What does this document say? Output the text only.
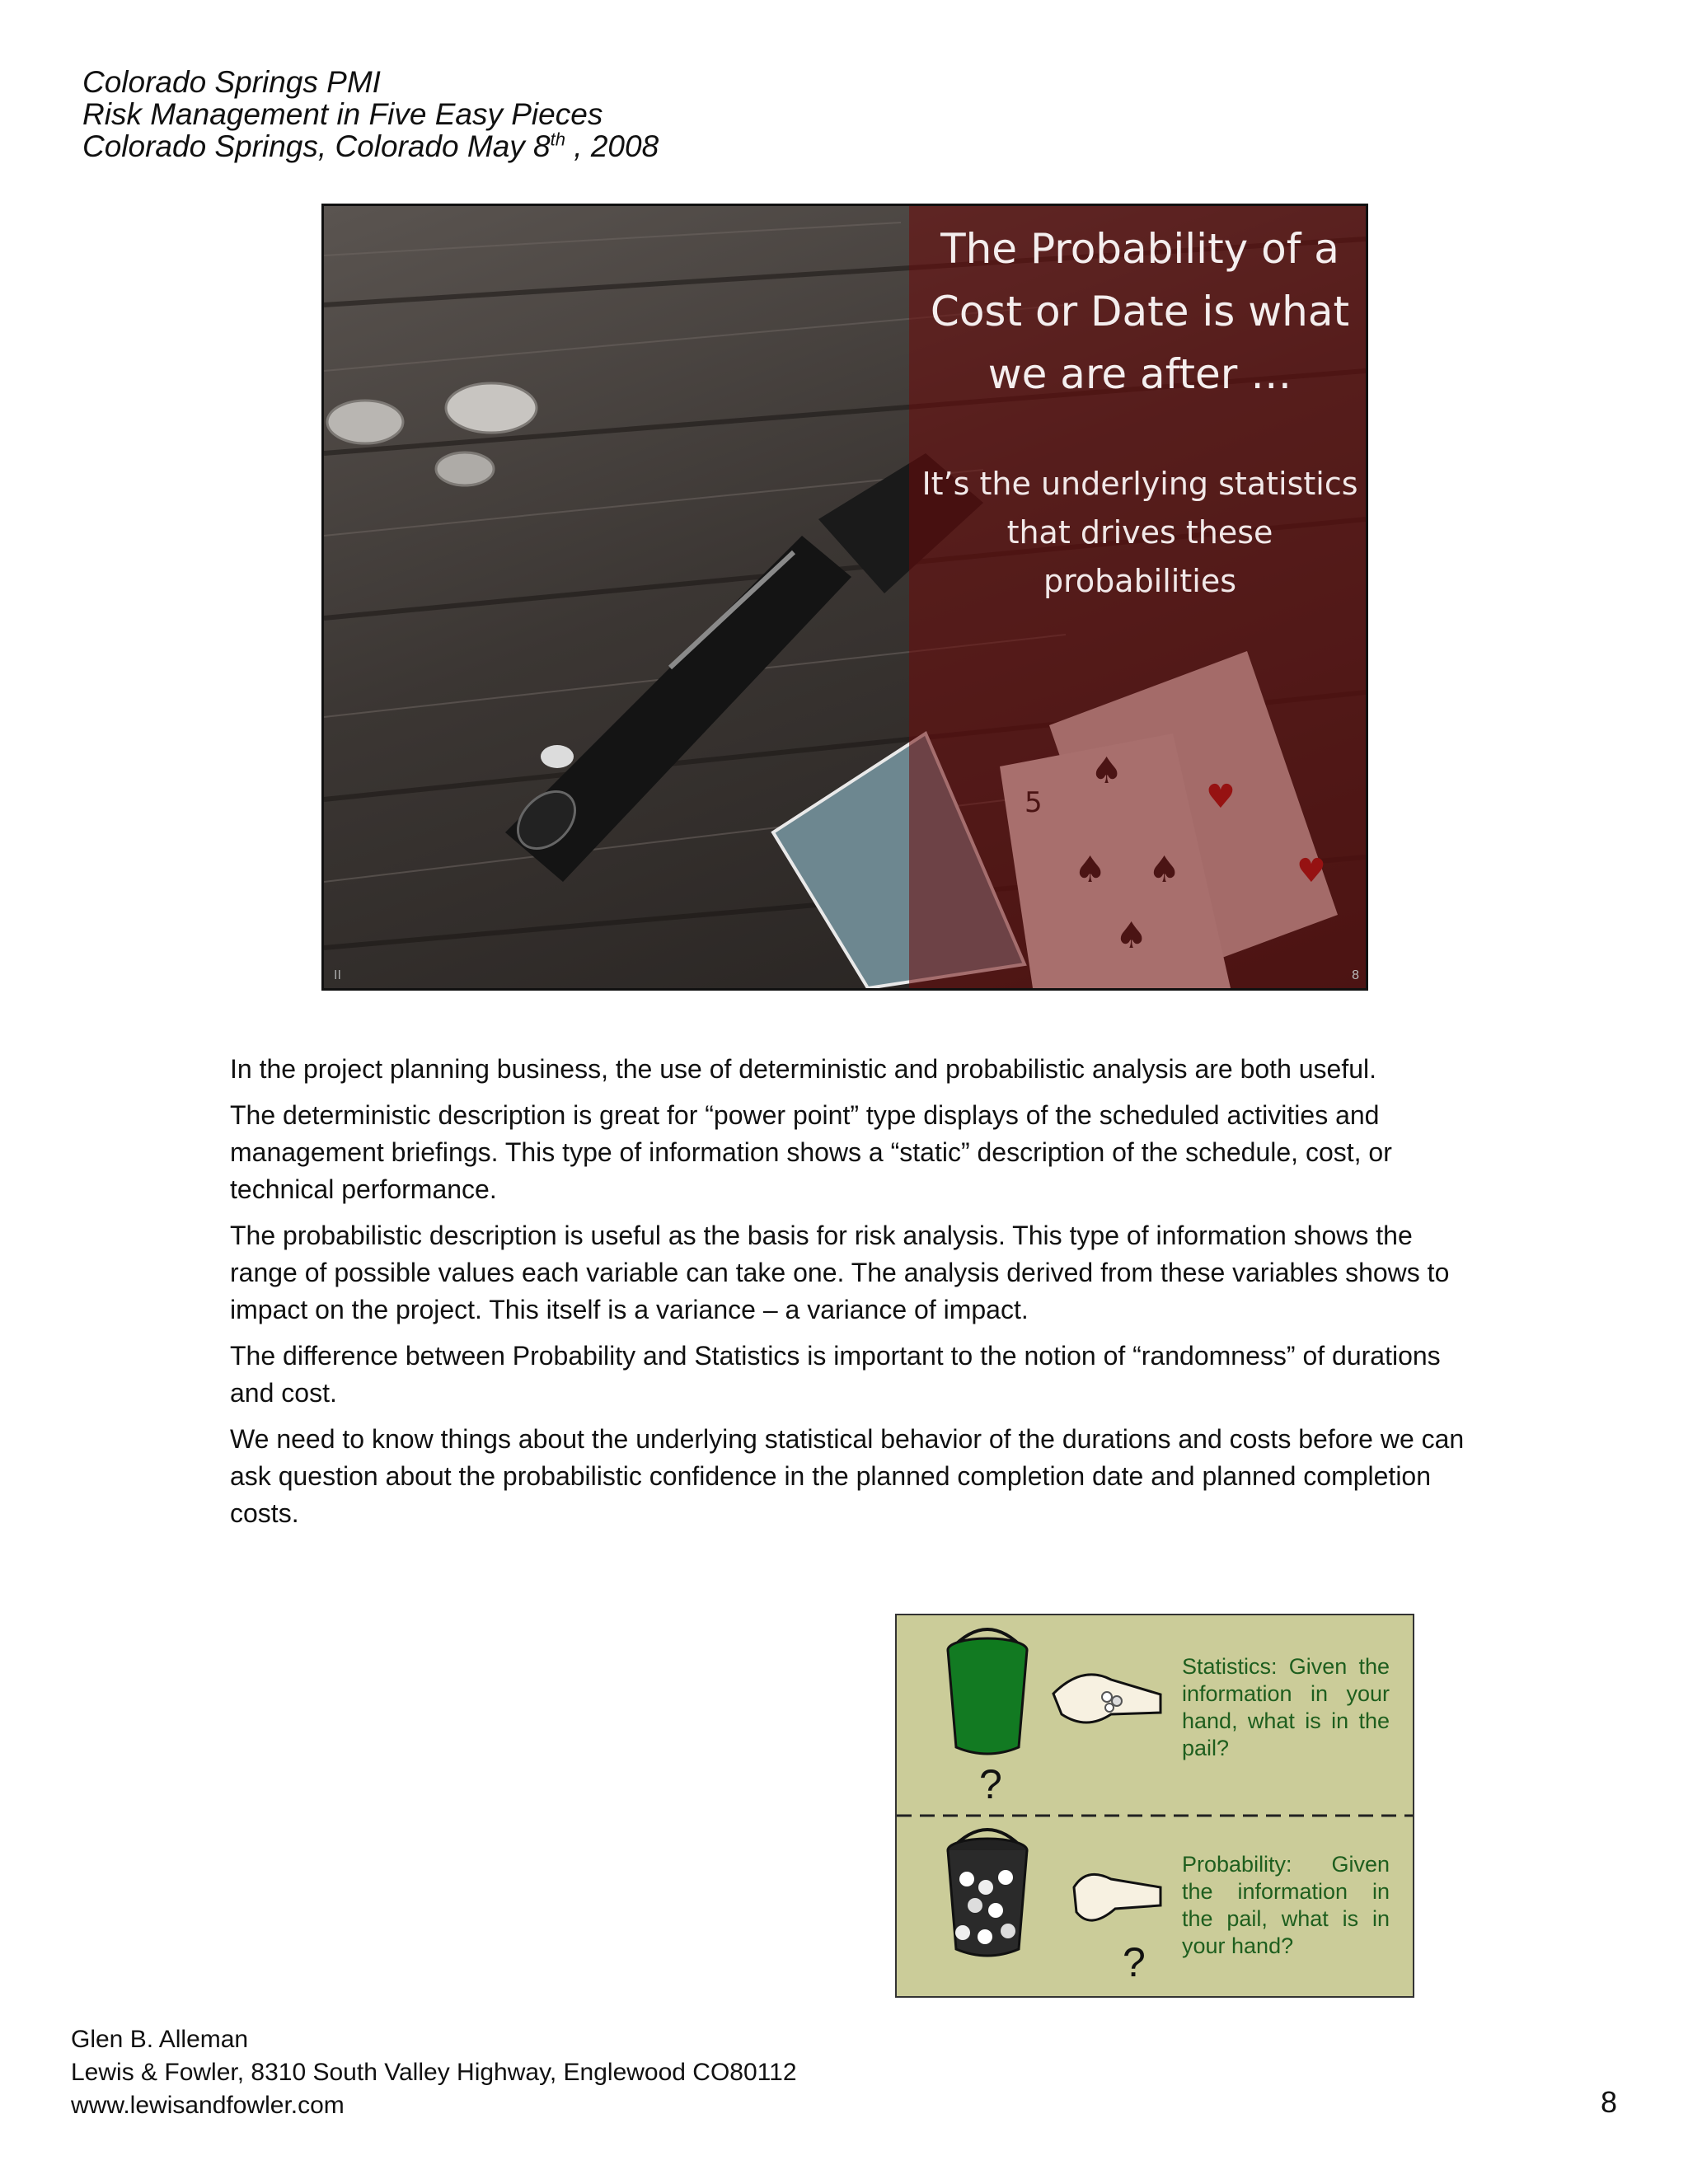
Colorado Springs PMI
Risk Management in Five Easy Pieces
Colorado Springs, Colorado May 8th , 2008
The Probability of a Cost or Date is what we are after …
It’s the underlying statistics that drives these probabilities
II	8

In the project planning business, the use of deterministic and probabilistic analysis are both useful.

The deterministic description is great for “power point” type displays of the scheduled activities and management briefings. This type of information shows a “static” description of the schedule, cost, or technical performance.

The probabilistic description is useful as the basis for risk analysis. This type of information shows the range of possible values each variable can take one. The analysis derived from these variables shows to impact on the project. This itself is a variance – a variance of impact.

The difference between Probability and Statistics is important to the notion of “randomness” of durations and cost.

We need to know things about the underlying statistical behavior of the durations and costs before we can ask question about the probabilistic confidence in the planned completion date and planned completion costs.

?
Statistics: Given the information in your hand, what is in the pail?
Probability: Given the information in the pail, what is in your hand?
?
Glen B. Alleman
Lewis & Fowler, 8310 South Valley Highway, Englewood CO80112
www.lewisandfowler.com	8
